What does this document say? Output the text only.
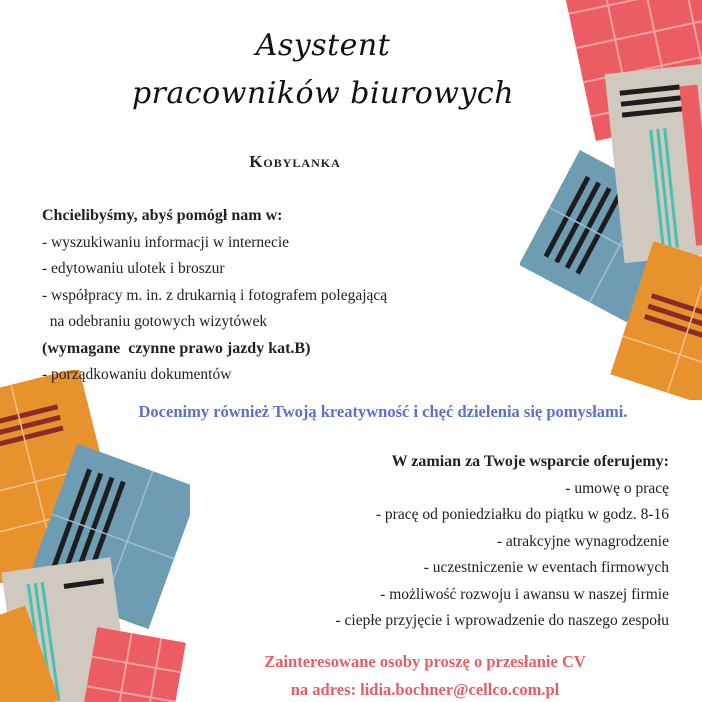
Asystent
pracowników biurowych
Kobylanka
Chcielibyśmy, abyś pomógł nam w:
- wyszukiwaniu informacji w internecie
- edytowaniu ulotek i broszur
- współpracy m. in. z drukarnią i fotografem polegającą
na odebraniu gotowych wizytówek
(wymagane  czynne prawo jazdy kat.B)
- porządkowaniu dokumentów
Docenimy również Twoją kreatywność i chęć dzielenia się pomysłami.
W zamian za Twoje wsparcie oferujemy:
- umowę o pracę
- pracę od poniedziałku do piątku w godz. 8-16
- atrakcyjne wynagrodzenie
- uczestniczenie w eventach firmowych
- możliwość rozwoju i awansu w naszej firmie
- ciepłe przyjęcie i wprowadzenie do naszego zespołu
Zainteresowane osoby proszę o przesłanie CV
na adres: lidia.bochner@cellco.com.pl
